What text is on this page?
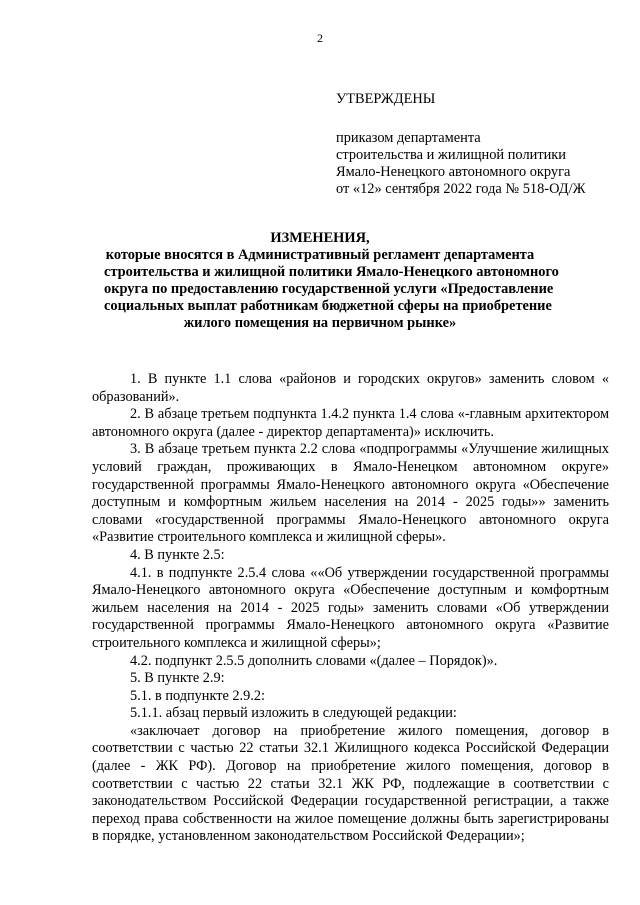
2
УТВЕРЖДЕНЫ
приказом департамента
строительства и жилищной политики
Ямало-Ненецкого автономного округа
от «12» сентября 2022 года № 518-ОД/Ж
ИЗМЕНЕНИЯ,
которые вносятся в Административный регламент департамента
строительства и жилищной политики Ямало-Ненецкого автономного
округа по предоставлению государственной услуги «Предоставление
социальных выплат работникам бюджетной сферы на приобретение
жилого помещения на первичном рынке»

1. В пункте 1.1 слова «районов и городских округов» заменить словом « образований».

2. В абзаце третьем подпункта 1.4.2 пункта 1.4 слова «-главным архитектором автономного округа (далее - директор департамента)» исключить.

3. В абзаце третьем пункта 2.2 слова «подпрограммы «Улучшение жилищных условий граждан, проживающих в Ямало-Ненецком автономном округе» государственной программы Ямало-Ненецкого автономного округа «Обеспечение доступным и комфортным жильем населения на 2014 - 2025 годы»» заменить словами «государственной программы Ямало-Ненецкого автономного округа «Развитие строительного комплекса и жилищной сферы».

4. В пункте 2.5:

4.1. в подпункте 2.5.4 слова ««Об утверждении государственной программы Ямало-Ненецкого автономного округа «Обеспечение доступным и комфортным жильем населения на 2014 - 2025 годы» заменить словами «Об утверждении государственной программы Ямало-Ненецкого автономного округа «Развитие строительного комплекса и жилищной сферы»;

4.2. подпункт 2.5.5 дополнить словами «(далее – Порядок)».

5. В пункте 2.9:

5.1. в подпункте 2.9.2:

5.1.1. абзац первый изложить в следующей редакции:

«заключает договор на приобретение жилого помещения, договор в соответствии с частью 22 статьи 32.1 Жилищного кодекса Российской Федерации (далее - ЖК РФ). Договор на приобретение жилого помещения, договор в соответствии с частью 22 статьи 32.1 ЖК РФ, подлежащие в соответствии с законодательством Российской Федерации государственной регистрации, а также переход права собственности на жилое помещение должны быть зарегистрированы в порядке, установленном законодательством Российской Федерации»;
